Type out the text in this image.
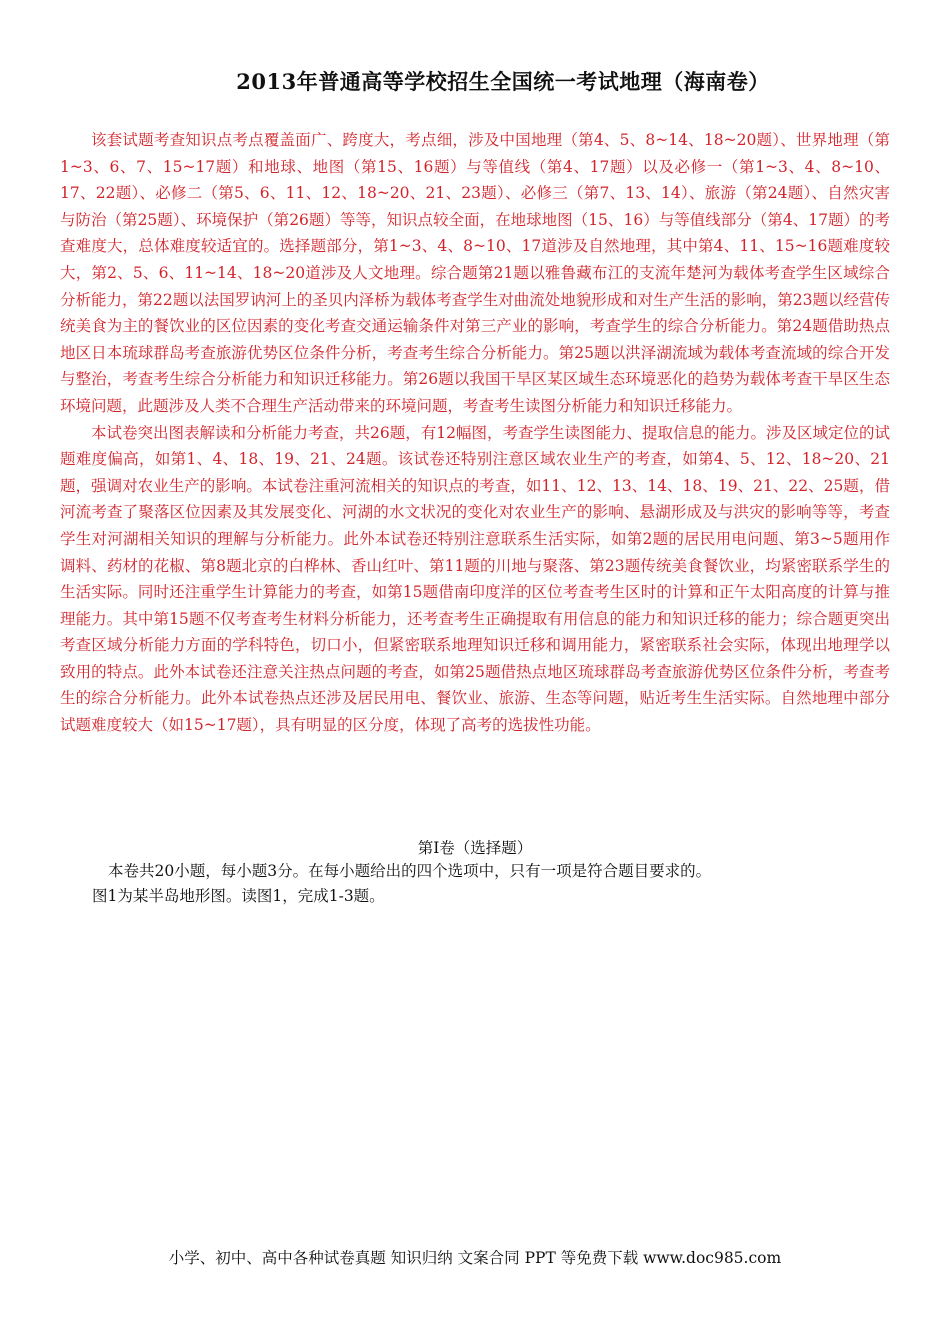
2013年普通高等学校招生全国统一考试地理（海南卷）

该套试题考查知识点考点覆盖面广、跨度大，考点细，涉及中国地理（第4、5、8~14、18~20题）、世界地理（第1~3、6、7、15~17题）和地球、地图（第15、16题）与等值线（第4、17题）以及必修一（第1~3、4、8~10、17、22题）、必修二（第5、6、11、12、18~20、21、23题）、必修三（第7、13、14）、旅游（第24题）、自然灾害与防治（第25题）、环境保护（第26题）等等，知识点较全面，在地球地图（15、16）与等值线部分（第4、17题）的考查难度大，总体难度较适宜的。选择题部分，第1~3、4、8~10、17道涉及自然地理，其中第4、11、15~16题难度较大，第2、5、6、11~14、18~20道涉及人文地理。综合题第21题以雅鲁藏布江的支流年楚河为载体考查学生区域综合分析能力，第22题以法国罗讷河上的圣贝内泽桥为载体考查学生对曲流处地貌形成和对生产生活的影响，第23题以经营传统美食为主的餐饮业的区位因素的变化考查交通运输条件对第三产业的影响，考查学生的综合分析能力。第24题借助热点地区日本琉球群岛考查旅游优势区位条件分析，考查考生综合分析能力。第25题以洪泽湖流域为载体考查流域的综合开发与整治，考查考生综合分析能力和知识迁移能力。第26题以我国干旱区某区域生态环境恶化的趋势为载体考查干旱区生态环境问题，此题涉及人类不合理生产活动带来的环境问题，考查考生读图分析能力和知识迁移能力。

本试卷突出图表解读和分析能力考查，共26题，有12幅图，考查学生读图能力、提取信息的能力。涉及区域定位的试题难度偏高，如第1、4、18、19、21、24题。该试卷还特别注意区域农业生产的考查，如第4、5、12、18~20、21题，强调对农业生产的影响。本试卷注重河流相关的知识点的考查，如11、12、13、14、18、19、21、22、25题，借河流考查了聚落区位因素及其发展变化、河湖的水文状况的变化对农业生产的影响、悬湖形成及与洪灾的影响等等，考查学生对河湖相关知识的理解与分析能力。此外本试卷还特别注意联系生活实际，如第2题的居民用电问题、第3~5题用作调料、药材的花椒、第8题北京的白桦林、香山红叶、第11题的川地与聚落、第23题传统美食餐饮业，均紧密联系学生的生活实际。同时还注重学生计算能力的考查，如第15题借南印度洋的区位考查考生区时的计算和正午太阳高度的计算与推理能力。其中第15题不仅考查考生材料分析能力，还考查考生正确提取有用信息的能力和知识迁移的能力；综合题更突出考查区域分析能力方面的学科特色，切口小，但紧密联系地理知识迁移和调用能力，紧密联系社会实际，体现出地理学以致用的特点。此外本试卷还注意关注热点问题的考查，如第25题借热点地区琉球群岛考查旅游优势区位条件分析，考查考生的综合分析能力。此外本试卷热点还涉及居民用电、餐饮业、旅游、生态等问题，贴近考生生活实际。自然地理中部分试题难度较大（如15~17题），具有明显的区分度，体现了高考的选拔性功能。

第Ⅰ卷（选择题）
本卷共20小题，每小题3分。在每小题给出的四个选项中，只有一项是符合题目要求的。
图1为某半岛地形图。读图1，完成1-3题。
小学、初中、高中各种试卷真题 知识归纳 文案合同 PPT 等免费下载 www.doc985.com
